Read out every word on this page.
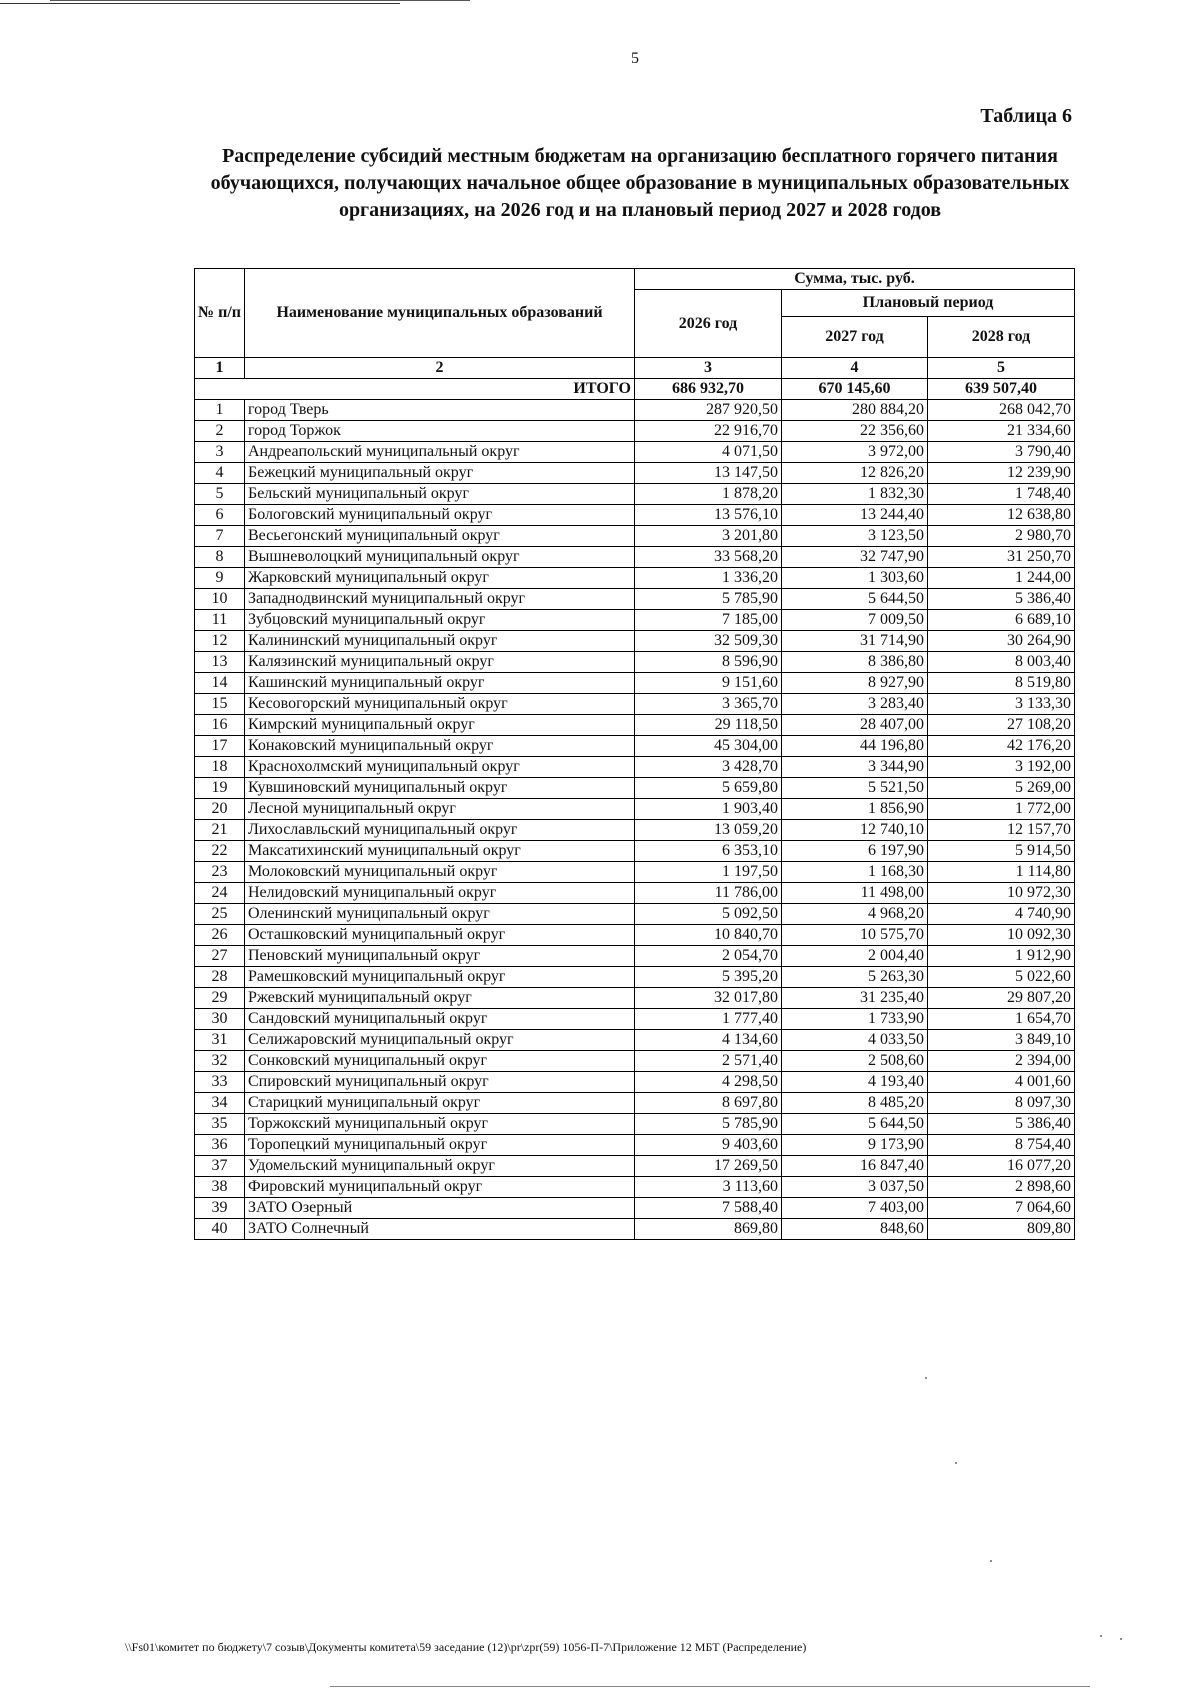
5
Таблица 6
Распределение субсидий местным бюджетам на организацию бесплатного горячего питания обучающихся, получающих начальное общее образование в муниципальных образовательных организациях, на 2026 год и на плановый период 2027 и 2028 годов
№ п/п	Наименование муниципальных образований	Сумма, тыс. руб.		
		2026 год	Плановый период	
			2027 год	2028 год
1	2	3	4	5
ИТОГО		686 932,70	670 145,60	639 507,40
1	город Тверь	287 920,50	280 884,20	268 042,70
2	город Торжок	22 916,70	22 356,60	21 334,60
3	Андреапольский муниципальный округ	4 071,50	3 972,00	3 790,40
4	Бежецкий муниципальный округ	13 147,50	12 826,20	12 239,90
5	Бельский муниципальный округ	1 878,20	1 832,30	1 748,40
6	Бологовский муниципальный округ	13 576,10	13 244,40	12 638,80
7	Весьегонский муниципальный округ	3 201,80	3 123,50	2 980,70
8	Вышневолоцкий муниципальный округ	33 568,20	32 747,90	31 250,70
9	Жарковский муниципальный округ	1 336,20	1 303,60	1 244,00
10	Западнодвинский муниципальный округ	5 785,90	5 644,50	5 386,40
11	Зубцовский муниципальный округ	7 185,00	7 009,50	6 689,10
12	Калининский муниципальный округ	32 509,30	31 714,90	30 264,90
13	Калязинский муниципальный округ	8 596,90	8 386,80	8 003,40
14	Кашинский муниципальный округ	9 151,60	8 927,90	8 519,80
15	Кесовогорский муниципальный округ	3 365,70	3 283,40	3 133,30
16	Кимрский муниципальный округ	29 118,50	28 407,00	27 108,20
17	Конаковский муниципальный округ	45 304,00	44 196,80	42 176,20
18	Краснохолмский муниципальный округ	3 428,70	3 344,90	3 192,00
19	Кувшиновский муниципальный округ	5 659,80	5 521,50	5 269,00
20	Лесной муниципальный округ	1 903,40	1 856,90	1 772,00
21	Лихославльский муниципальный округ	13 059,20	12 740,10	12 157,70
22	Максатихинский муниципальный округ	6 353,10	6 197,90	5 914,50
23	Молоковский муниципальный округ	1 197,50	1 168,30	1 114,80
24	Нелидовский муниципальный округ	11 786,00	11 498,00	10 972,30
25	Оленинский муниципальный округ	5 092,50	4 968,20	4 740,90
26	Осташковский муниципальный округ	10 840,70	10 575,70	10 092,30
27	Пеновский муниципальный округ	2 054,70	2 004,40	1 912,90
28	Рамешковский муниципальный округ	5 395,20	5 263,30	5 022,60
29	Ржевский муниципальный округ	32 017,80	31 235,40	29 807,20
30	Сандовский муниципальный округ	1 777,40	1 733,90	1 654,70
31	Селижаровский муниципальный округ	4 134,60	4 033,50	3 849,10
32	Сонковский муниципальный округ	2 571,40	2 508,60	2 394,00
33	Спировский муниципальный округ	4 298,50	4 193,40	4 001,60
34	Старицкий муниципальный округ	8 697,80	8 485,20	8 097,30
35	Торжокский муниципальный округ	5 785,90	5 644,50	5 386,40
36	Торопецкий муниципальный округ	9 403,60	9 173,90	8 754,40
37	Удомельский муниципальный округ	17 269,50	16 847,40	16 077,20
38	Фировский муниципальный округ	3 113,60	3 037,50	2 898,60
39	ЗАТО Озерный	7 588,40	7 403,00	7 064,60
40	ЗАТО Солнечный	869,80	848,60	809,80
\\Fs01\комитет по бюджету\7 созыв\Документы комитета\59 заседание (12)\pr\zpr(59) 1056-П-7\Приложение 12 МБТ (Распределение)
